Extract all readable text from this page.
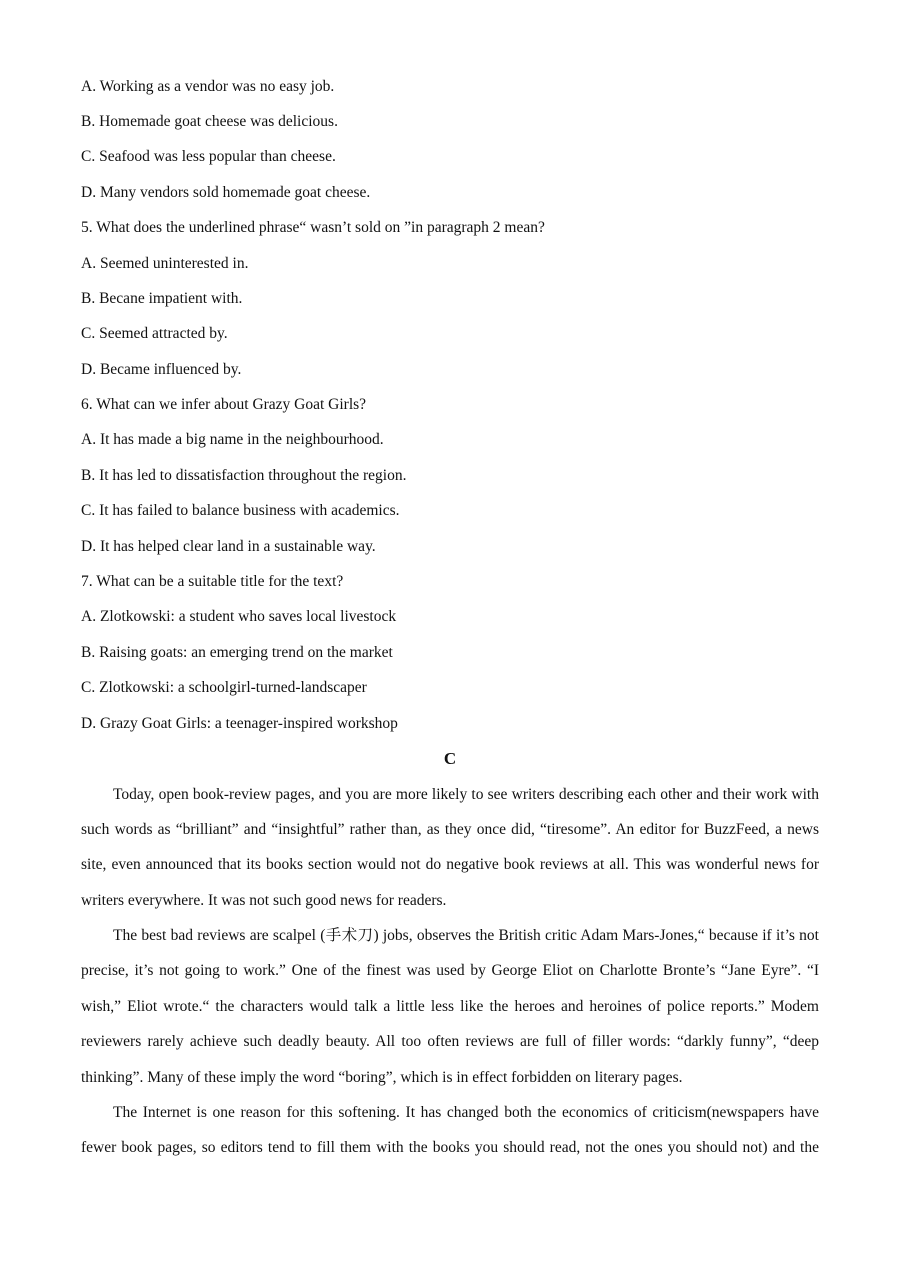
A. Working as a vendor was no easy job.
B. Homemade goat cheese was delicious.
C. Seafood was less popular than cheese.
D. Many vendors sold homemade goat cheese.
5. What does the underlined phrase“ wasn’t sold on ”in paragraph 2 mean?
A. Seemed uninterested in.
B. Becane impatient with.
C. Seemed attracted by.
D. Became influenced by.
6. What can we infer about Grazy Goat Girls?
A. It has made a big name in the neighbourhood.
B. It has led to dissatisfaction throughout the region.
C. It has failed to balance business with academics.
D. It has helped clear land in a sustainable way.
7. What can be a suitable title for the text?
A. Zlotkowski: a student who saves local livestock
B. Raising goats: an emerging trend on the market
C. Zlotkowski: a schoolgirl-turned-landscaper
D. Grazy Goat Girls: a teenager-inspired workshop
C
Today, open book-review pages, and you are more likely to see writers describing each other and their work with
such words as “brilliant” and “insightful” rather than, as they once did, “tiresome”. An editor for BuzzFeed, a news
site, even announced that its books section would not do negative book reviews at all. This was wonderful news for
writers everywhere. It was not such good news for readers.
The best bad reviews are scalpel (手术刀) jobs, observes the British critic Adam Mars-Jones,“ because if it’s not
precise, it’s not going to work.” One of the finest was used by George Eliot on Charlotte Bronte’s “Jane Eyre”. “I
wish,” Eliot wrote.“ the characters would talk a little less like the heroes and heroines of police reports.” Modem
reviewers rarely achieve such deadly beauty. All too often reviews are full of filler words: “darkly funny”, “deep
thinking”. Many of these imply the word “boring”, which is in effect forbidden on literary pages.
The Internet is one reason for this softening. It has changed both the economics of criticism(newspapers have
fewer book pages, so editors tend to fill them with the books you should read, not the ones you should not) and the
